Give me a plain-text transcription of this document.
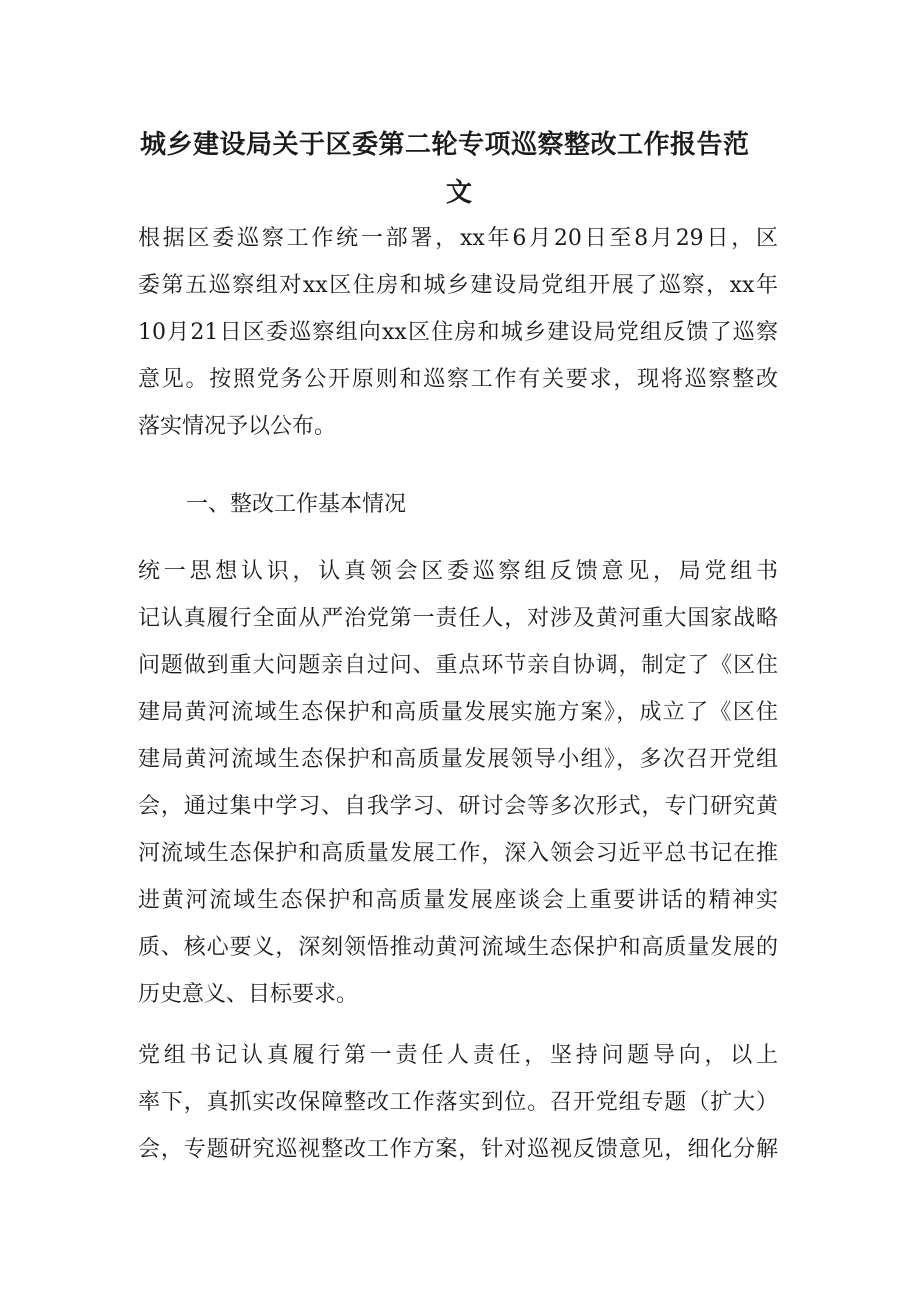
城乡建设局关于区委第二轮专项巡察整改工作报告范
文

根据区委巡察工作统一部署，xx年6月20日至8月29日，区

委第五巡察组对xx区住房和城乡建设局党组开展了巡察，xx年

10月21日区委巡察组向xx区住房和城乡建设局党组反馈了巡察

意见。按照党务公开原则和巡察工作有关要求，现将巡察整改

落实情况予以公布。

一、整改工作基本情况

统一思想认识，认真领会区委巡察组反馈意见，局党组书

记认真履行全面从严治党第一责任人，对涉及黄河重大国家战略

问题做到重大问题亲自过问、重点环节亲自协调，制定了《区住

建局黄河流域生态保护和高质量发展实施方案》，成立了《区住

建局黄河流域生态保护和高质量发展领导小组》，多次召开党组

会，通过集中学习、自我学习、研讨会等多次形式，专门研究黄

河流域生态保护和高质量发展工作，深入领会习近平总书记在推

进黄河流域生态保护和高质量发展座谈会上重要讲话的精神实

质、核心要义，深刻领悟推动黄河流域生态保护和高质量发展的

历史意义、目标要求。

党组书记认真履行第一责任人责任，坚持问题导向，以上

率下，真抓实改保障整改工作落实到位。召开党组专题（扩大）

会，专题研究巡视整改工作方案，针对巡视反馈意见，细化分解
